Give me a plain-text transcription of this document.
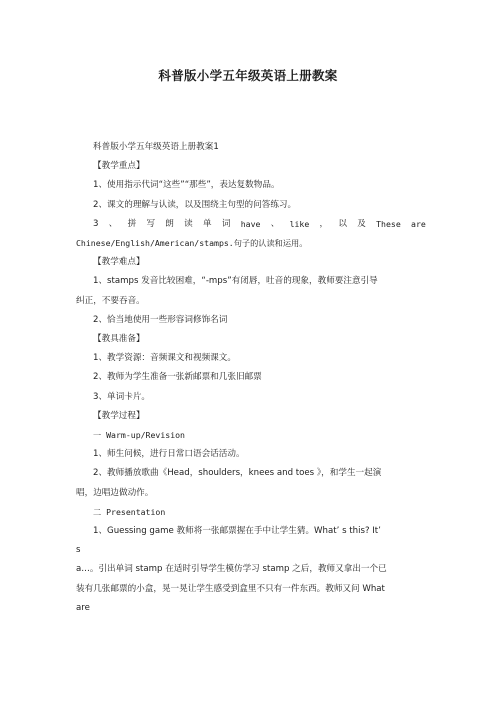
科普版小学五年级英语上册教案

科普版小学五年级英语上册教案1

【教学重点】

1、使用指示代词“这些”“那些”，表达复数物品。

2、课文的理解与认读，以及围绕主句型的问答练习。

3 、 拼 写 朗 读 单 词 have 、 like ， 以 及 These are

Chinese/English/American/stamps.句子的认读和运用。

【教学难点】

1、stamps 发音比较困难，“-mps”有闭唇，吐音的现象，教师要注意引导

纠正，不要吞音。

2、恰当地使用一些形容词修饰名词

【教具准备】

1、教学资源：音频课文和视频课文。

2、教师为学生准备一张新邮票和几张旧邮票

3、单词卡片。

【教学过程】

一 Warm-up/Revision

1、师生问候，进行日常口语会话活动。

2、教师播放歌曲《Head，shoulders，knees and toes 》，和学生一起演

唱，边唱边做动作。

二 Presentation

1、Guessing game 教师将一张邮票握在手中让学生猜。What’ s this? It’

s

a…。引出单词 stamp 在适时引导学生模仿学习 stamp 之后，教师又拿出一个已

装有几张邮票的小盒，晃一晃让学生感受到盒里不只有一件东西。教师又问 What

are
